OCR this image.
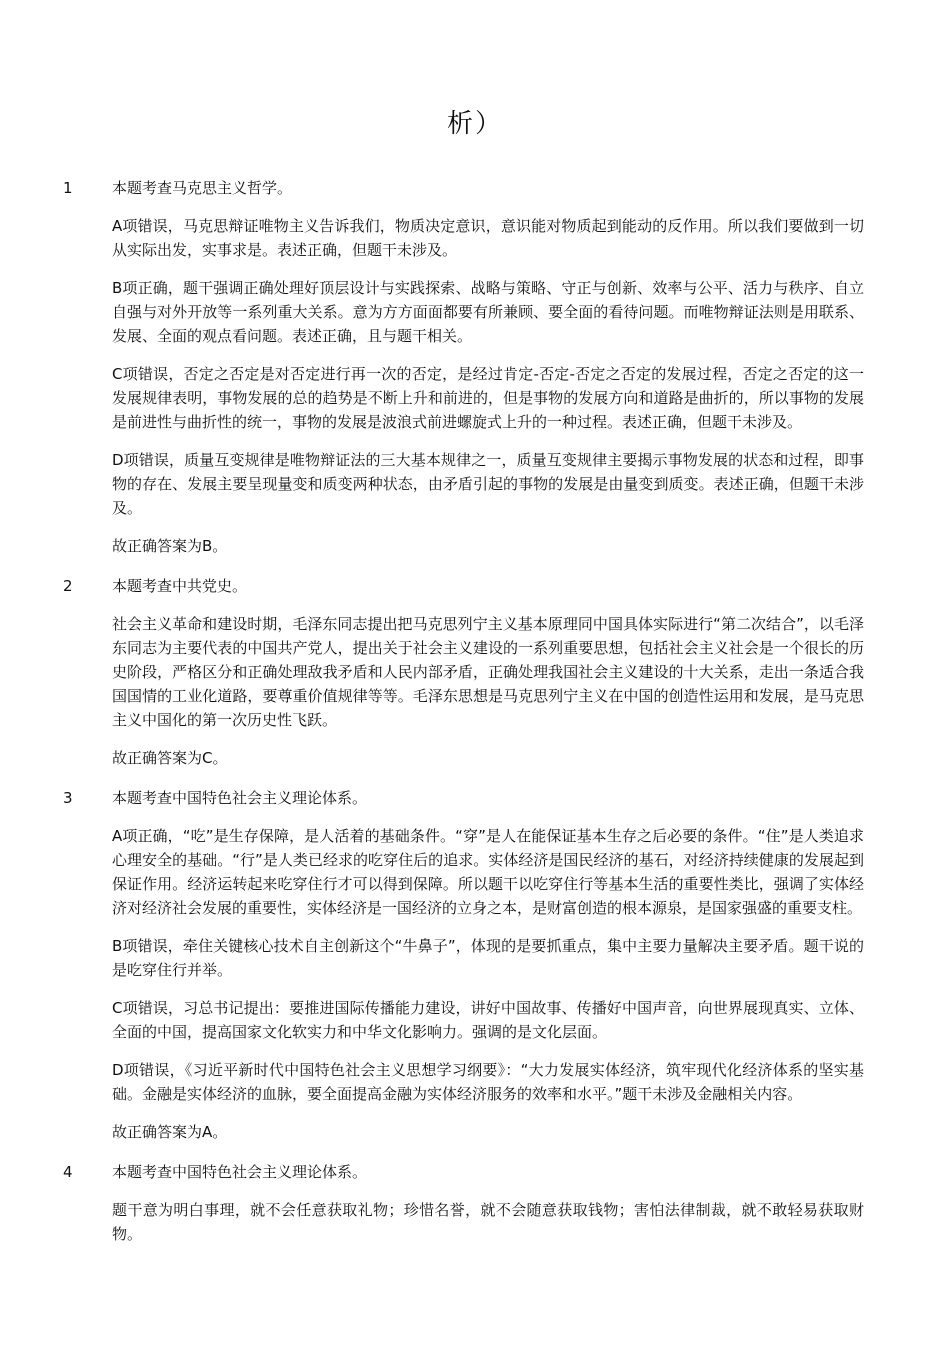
析）
1	本题考查马克思主义哲学。

A项错误，马克思辩证唯物主义告诉我们，物质决定意识，意识能对物质起到能动的反作用。所以我们要做到一切从实际出发，实事求是。表述正确，但题干未涉及。

B项正确，题干强调正确处理好顶层设计与实践探索、战略与策略、守正与创新、效率与公平、活力与秩序、自立自强与对外开放等一系列重大关系。意为方方面面都要有所兼顾、要全面的看待问题。而唯物辩证法则是用联系、发展、全面的观点看问题。表述正确，且与题干相关。

C项错误，否定之否定是对否定进行再一次的否定，是经过肯定-否定-否定之否定的发展过程，否定之否定的这一发展规律表明，事物发展的总的趋势是不断上升和前进的，但是事物的发展方向和道路是曲折的，所以事物的发展是前进性与曲折性的统一，事物的发展是波浪式前进螺旋式上升的一种过程。表述正确，但题干未涉及。

D项错误，质量互变规律是唯物辩证法的三大基本规律之一，质量互变规律主要揭示事物发展的状态和过程，即事物的存在、发展主要呈现量变和质变两种状态，由矛盾引起的事物的发展是由量变到质变。表述正确，但题干未涉及。

故正确答案为B。

2	本题考查中共党史。

社会主义革命和建设时期，毛泽东同志提出把马克思列宁主义基本原理同中国具体实际进行“第二次结合”，以毛泽东同志为主要代表的中国共产党人，提出关于社会主义建设的一系列重要思想，包括社会主义社会是一个很长的历史阶段，严格区分和正确处理敌我矛盾和人民内部矛盾，正确处理我国社会主义建设的十大关系，走出一条适合我国国情的工业化道路，要尊重价值规律等等。毛泽东思想是马克思列宁主义在中国的创造性运用和发展，是马克思主义中国化的第一次历史性飞跃。

故正确答案为C。

3	本题考查中国特色社会主义理论体系。

A项正确，“吃”是生存保障，是人活着的基础条件。“穿”是人在能保证基本生存之后必要的条件。“住”是人类追求心理安全的基础。“行”是人类已经求的吃穿住后的追求。实体经济是国民经济的基石，对经济持续健康的发展起到保证作用。经济运转起来吃穿住行才可以得到保障。所以题干以吃穿住行等基本生活的重要性类比，强调了实体经济对经济社会发展的重要性，实体经济是一国经济的立身之本，是财富创造的根本源泉，是国家强盛的重要支柱。

B项错误，牵住关键核心技术自主创新这个“牛鼻子”，体现的是要抓重点，集中主要力量解决主要矛盾。题干说的是吃穿住行并举。

C项错误，习总书记提出：要推进国际传播能力建设，讲好中国故事、传播好中国声音，向世界展现真实、立体、全面的中国，提高国家文化软实力和中华文化影响力。强调的是文化层面。

D项错误，《习近平新时代中国特色社会主义思想学习纲要》：“大力发展实体经济，筑牢现代化经济体系的坚实基础。金融是实体经济的血脉，要全面提高金融为实体经济服务的效率和水平。”题干未涉及金融相关内容。

故正确答案为A。

4	本题考查中国特色社会主义理论体系。

题干意为明白事理，就不会任意获取礼物；珍惜名誉，就不会随意获取钱物；害怕法律制裁，就不敢轻易获取财物。
